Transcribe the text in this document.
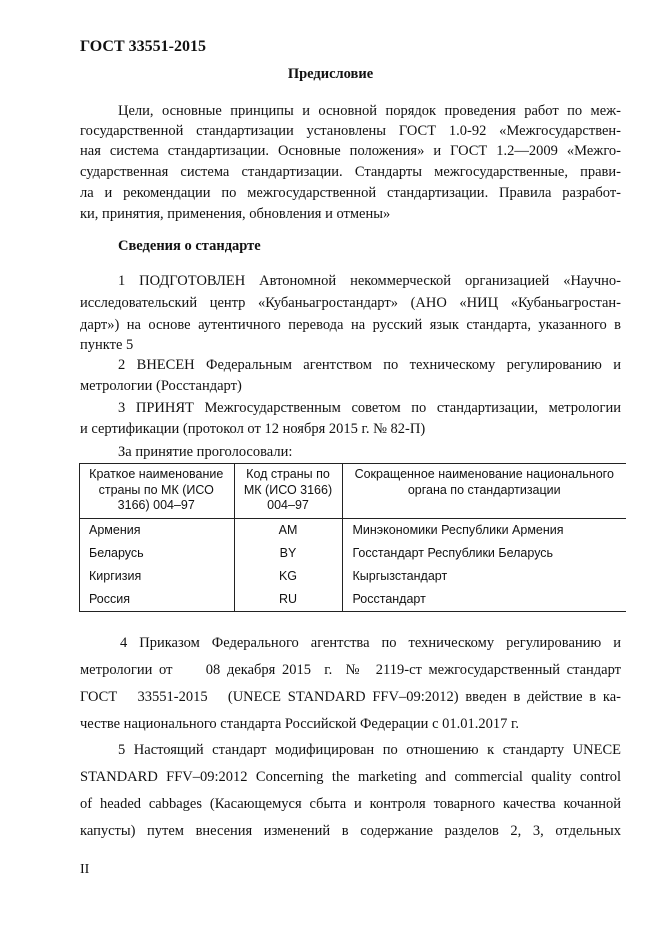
ГОСТ 33551-2015
Предисловие
Цели, основные принципы и основной порядок проведения работ по меж-
государственной стандартизации установлены ГОСТ 1.0-92 «Межгосударствен-
ная система стандартизации. Основные положения» и ГОСТ 1.2—2009 «Межго-
сударственная система стандартизации. Стандарты межгосударственные, прави-
ла и рекомендации по межгосударственной стандартизации. Правила разработ-
ки, принятия, применения, обновления и отмены»
Сведения о стандарте
1 ПОДГОТОВЛЕН Автономной некоммерческой организацией «Научно-
исследовательский центр «Кубаньагростандарт» (АНО «НИЦ «Кубаньагростан-
дарт») на основе аутентичного перевода на русский язык стандарта, указанного в
пункте 5
2 ВНЕСЕН Федеральным агентством по техническому регулированию и
метрологии (Росстандарт)
3 ПРИНЯТ Межгосударственным советом по стандартизации, метрологии
и сертификации (протокол от 12 ноября 2015 г. № 82-П)
За принятие проголосовали:
Краткое наименование страны по МК (ИСО 3166) 004–97	Код страны по МК (ИСО 3166) 004–97	Сокращенное наименование национального органа по стандартизации
Армения	AM	Минэкономики Республики Армения
Беларусь	BY	Госстандарт Республики Беларусь
Киргизия	KG	Кыргызстандарт
Россия	RU	Росстандарт
4 Приказом Федерального агентства по техническому регулированию и
метрологии от     08 декабря 2015  г.  №  2119-ст межгосударственный стандарт
ГОСТ   33551-2015   (UNECE STANDARD FFV–09:2012) введен в действие в ка-
честве национального стандарта Российской Федерации с 01.01.2017 г.
5 Настоящий стандарт модифицирован по отношению к стандарту UNECE
STANDARD FFV–09:2012 Concerning the marketing and commercial quality control
of headed cabbages (Касающемуся сбыта и контроля товарного качества кочанной
капусты) путем внесения изменений в содержание разделов 2, 3, отдельных
II
